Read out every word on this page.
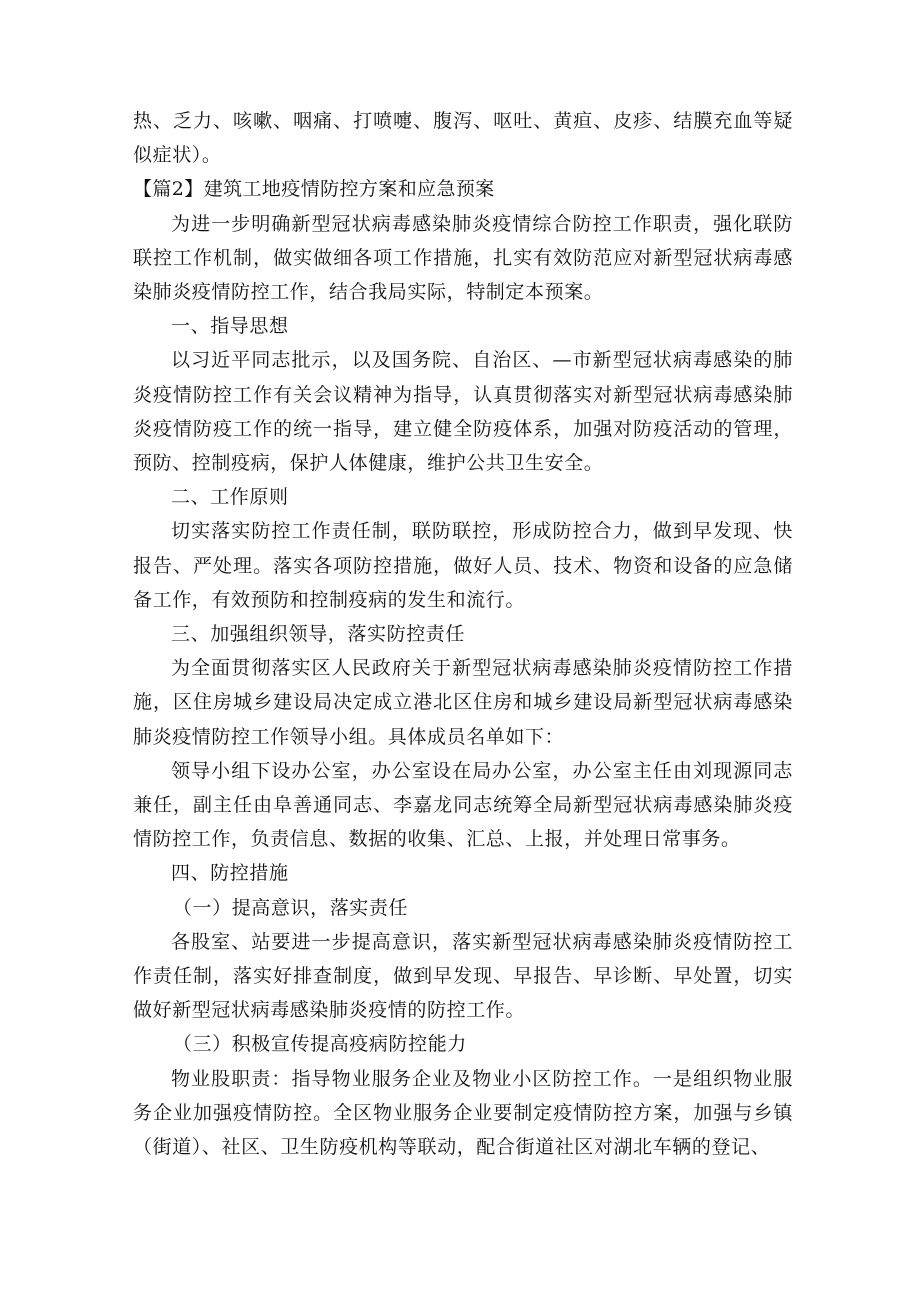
热、乏力、咳嗽、咽痛、打喷嚏、腹泻、呕吐、黄疸、皮疹、结膜充血等疑似症状）。

【篇2】建筑工地疫情防控方案和应急预案

为进一步明确新型冠状病毒感染肺炎疫情综合防控工作职责，强化联防联控工作机制，做实做细各项工作措施，扎实有效防范应对新型冠状病毒感染肺炎疫情防控工作，结合我局实际，特制定本预案。

一、指导思想

以习近平同志批示，以及国务院、自治区、—市新型冠状病毒感染的肺炎疫情防控工作有关会议精神为指导，认真贯彻落实对新型冠状病毒感染肺炎疫情防疫工作的统一指导，建立健全防疫体系，加强对防疫活动的管理，预防、控制疫病，保护人体健康，维护公共卫生安全。

二、工作原则

切实落实防控工作责任制，联防联控，形成防控合力，做到早发现、快报告、严处理。落实各项防控措施，做好人员、技术、物资和设备的应急储备工作，有效预防和控制疫病的发生和流行。

三、加强组织领导，落实防控责任

为全面贯彻落实区人民政府关于新型冠状病毒感染肺炎疫情防控工作措施，区住房城乡建设局决定成立港北区住房和城乡建设局新型冠状病毒感染肺炎疫情防控工作领导小组。具体成员名单如下：

领导小组下设办公室，办公室设在局办公室，办公室主任由刘现源同志兼任，副主任由阜善通同志、李嘉龙同志统筹全局新型冠状病毒感染肺炎疫情防控工作，负责信息、数据的收集、汇总、上报，并处理日常事务。

四、防控措施

（一）提高意识，落实责任

各股室、站要进一步提高意识，落实新型冠状病毒感染肺炎疫情防控工作责任制，落实好排查制度，做到早发现、早报告、早诊断、早处置，切实做好新型冠状病毒感染肺炎疫情的防控工作。

（三）积极宣传提高疫病防控能力

物业股职责：指导物业服务企业及物业小区防控工作。一是组织物业服务企业加强疫情防控。全区物业服务企业要制定疫情防控方案，加强与乡镇（街道）、社区、卫生防疫机构等联动，配合街道社区对湖北车辆的登记、
